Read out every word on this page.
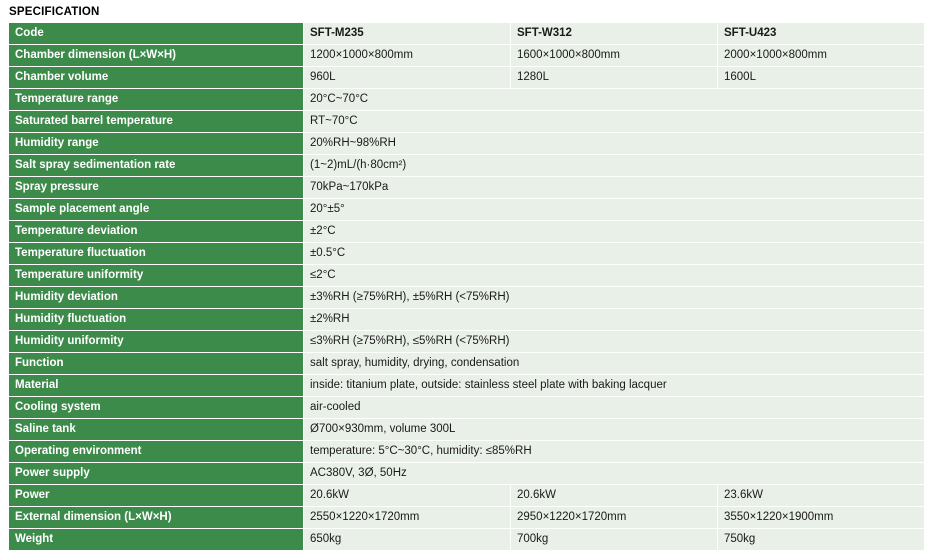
SPECIFICATION
Code	SFT-M235	SFT-W312	SFT-U423
Chamber dimension (L×W×H)	1200×1000×800mm	1600×1000×800mm	2000×1000×800mm
Chamber volume	960L	1280L	1600L
Temperature range	20°C~70°C		
Saturated barrel temperature	RT~70°C		
Humidity range	20%RH~98%RH		
Salt spray sedimentation rate	(1~2)mL/(h·80cm²)		
Spray pressure	70kPa~170kPa		
Sample placement angle	20°±5°		
Temperature deviation	±2°C		
Temperature fluctuation	±0.5°C		
Temperature uniformity	≤2°C		
Humidity deviation	±3%RH (≥75%RH), ±5%RH (<75%RH)		
Humidity fluctuation	±2%RH		
Humidity uniformity	≤3%RH (≥75%RH), ≤5%RH (<75%RH)		
Function	salt spray, humidity, drying, condensation		
Material	inside: titanium plate, outside: stainless steel plate with baking lacquer		
Cooling system	air-cooled		
Saline tank	Ø700×930mm, volume 300L		
Operating environment	temperature: 5°C~30°C, humidity: ≤85%RH		
Power supply	AC380V, 3Ø, 50Hz		
Power	20.6kW	20.6kW	23.6kW
External dimension (L×W×H)	2550×1220×1720mm	2950×1220×1720mm	3550×1220×1900mm
Weight	650kg	700kg	750kg
